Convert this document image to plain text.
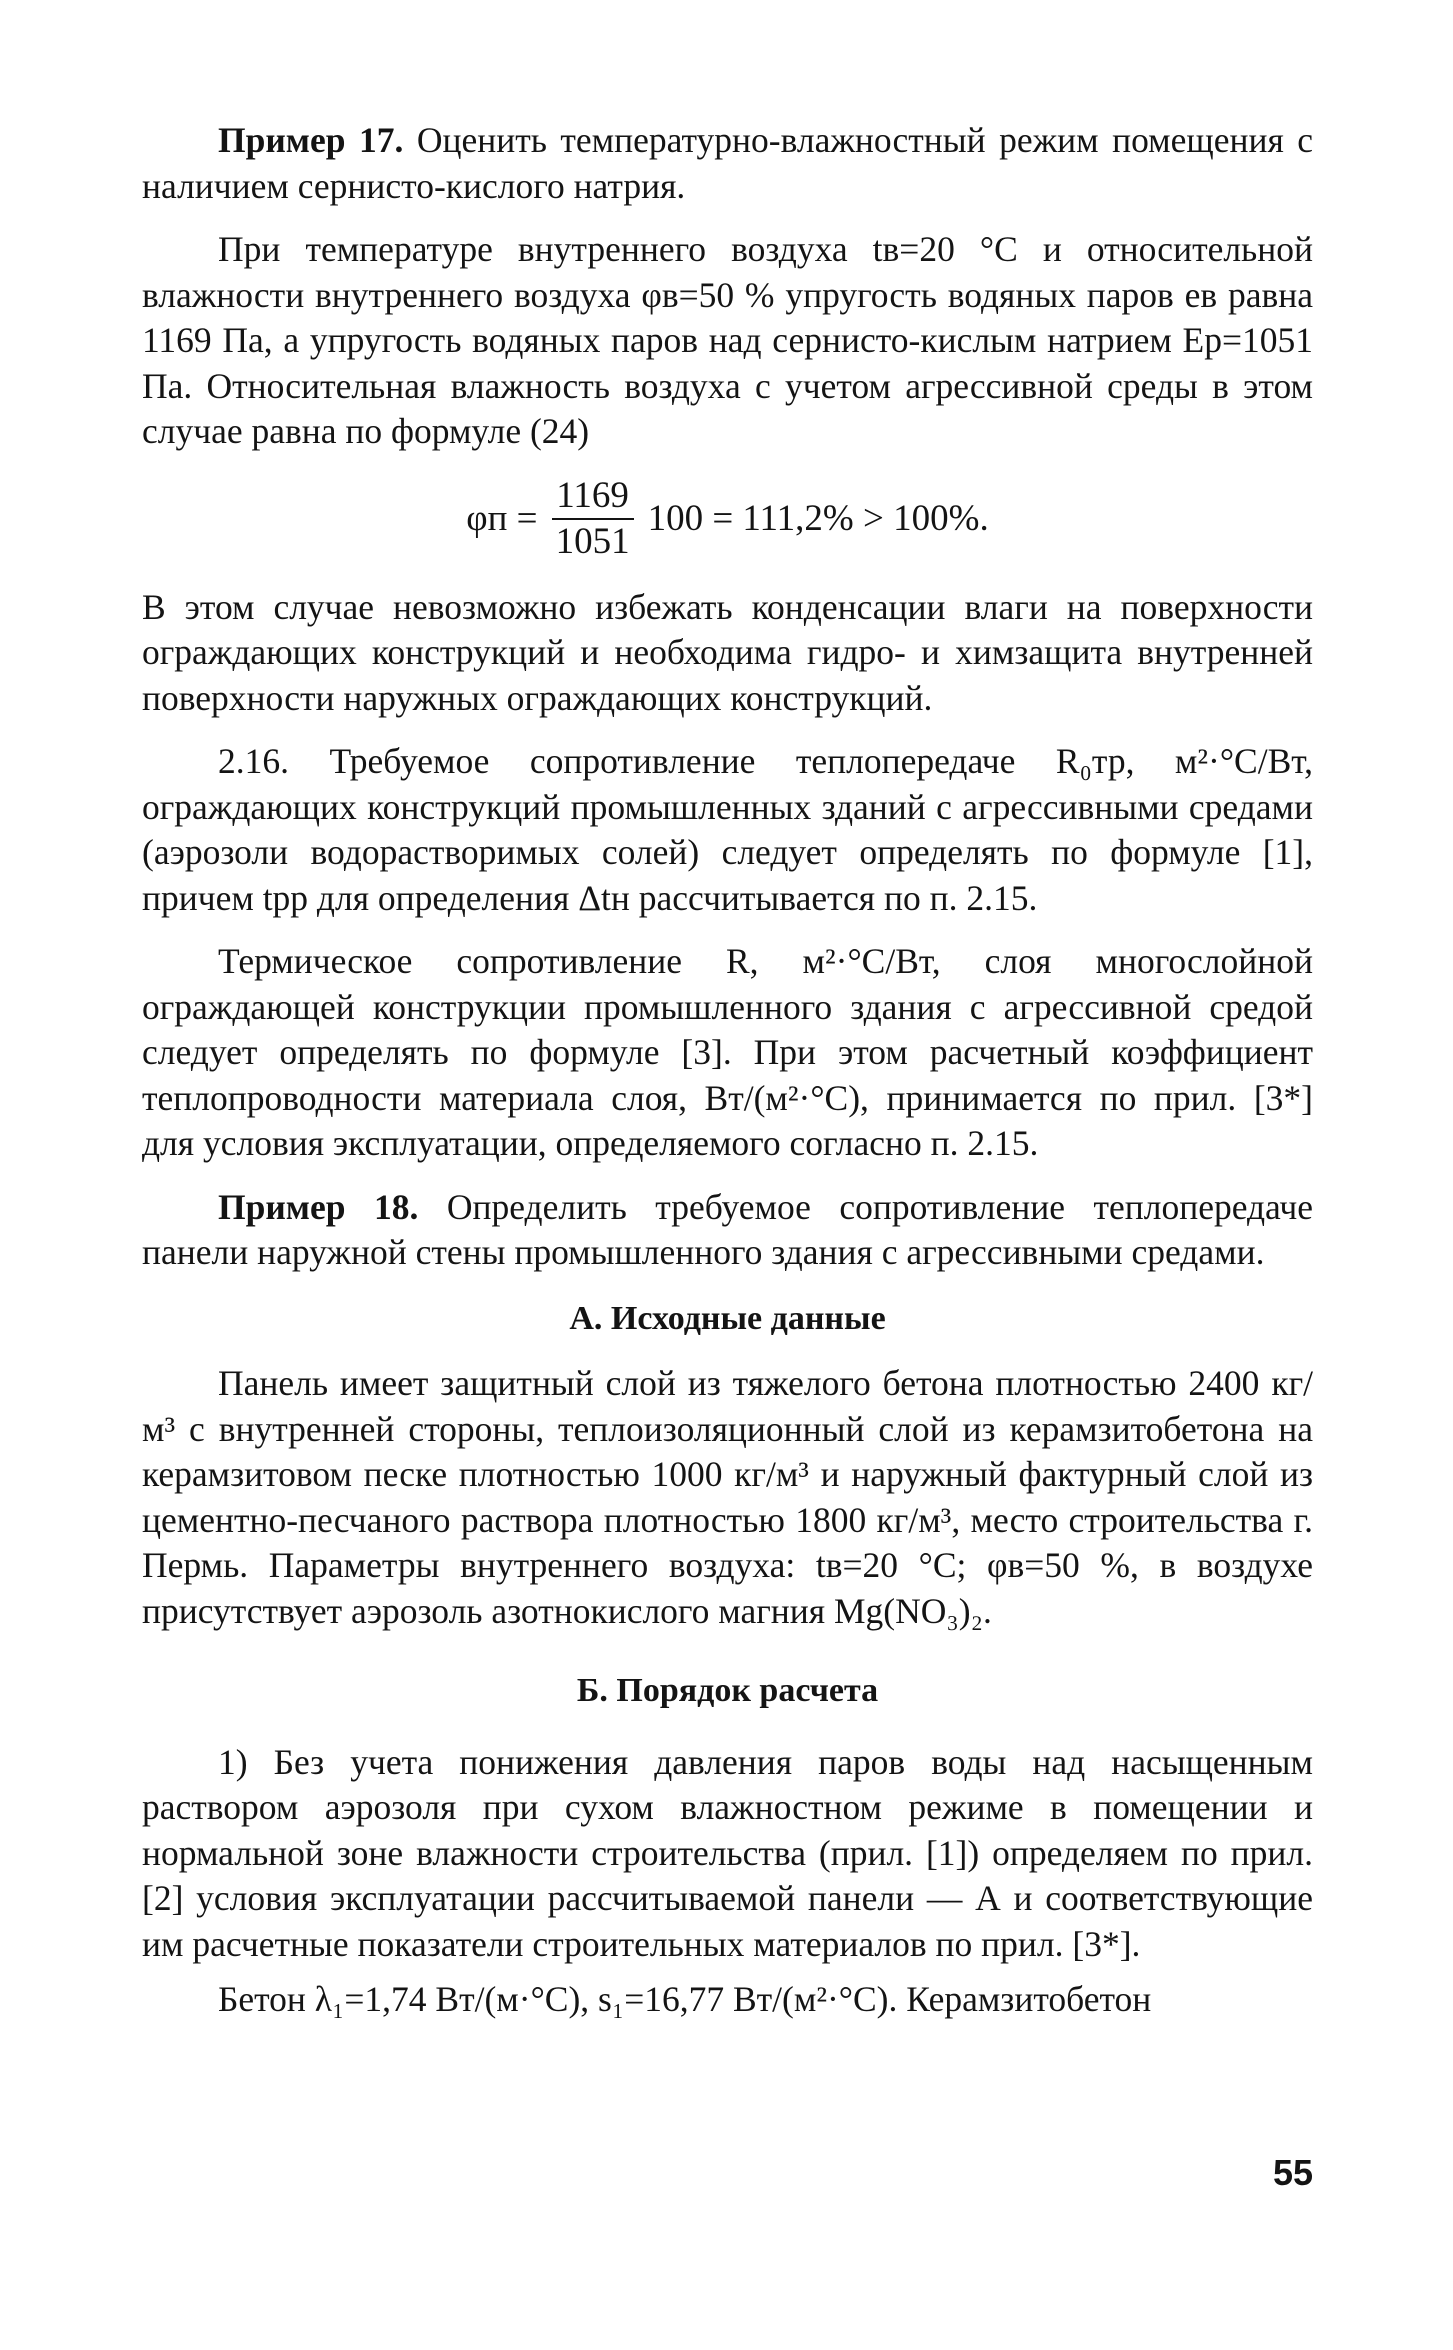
Пример 17. Оценить температурно-влажностный режим помещения с наличием сернисто-кислого натрия.

При температуре внутреннего воздуха tв=20 °С и относительной влажности внутреннего воздуха φв=50 % упругость водяных паров eв равна 1169 Па, а упругость водяных паров над сернисто-кислым натрием Eр=1051 Па. Относительная влажность воздуха с учетом агрессивной среды в этом случае равна по формуле (24)

$\varphi п = \frac{1169}{1051} 100 = 111,2\% > 100\%$.

В этом случае невозможно избежать конденсации влаги на поверхности ограждающих конструкций и необходима гидро- и химзащита внутренней поверхности наружных ограждающих конструкций.

2.16. Требуемое сопротивление теплопередаче R₀тр, м²·°С/Вт, ограждающих конструкций промышленных зданий с агрессивными средами (аэрозоли водорастворимых солей) следует определять по формуле [1], причем tрр для определения Δtн рассчитывается по п. 2.15.

Термическое сопротивление R, м²·°С/Вт, слоя многослойной ограждающей конструкции промышленного здания с агрессивной средой следует определять по формуле [3]. При этом расчетный коэффициент теплопроводности материала слоя, Вт/(м²·°С), принимается по прил. [3*] для условия эксплуатации, определяемого согласно п. 2.15.

Пример 18. Определить требуемое сопротивление теплопередаче панели наружной стены промышленного здания с агрессивными средами.

А. Исходные данные

Панель имеет защитный слой из тяжелого бетона плотностью 2400 кг/м³ с внутренней стороны, теплоизоляционный слой из керамзитобетона на керамзитовом песке плотностью 1000 кг/м³ и наружный фактурный слой из цементно-песчаного раствора плотностью 1800 кг/м³, место строительства г. Пермь. Параметры внутреннего воздуха: tв=20 °С; φв=50 %, в воздухе присутствует аэрозоль азотнокислого магния Mg(NO₃)₂.

Б. Порядок расчета

1) Без учета понижения давления паров воды над насыщенным раствором аэрозоля при сухом влажностном режиме в помещении и нормальной зоне влажности строительства (прил. [1]) определяем по прил. [2] условия эксплуатации рассчитываемой панели — А и соответствующие им расчетные показатели строительных материалов по прил. [3*].

Бетон λ₁=1,74 Вт/(м·°С), s₁=16,77 Вт/(м²·°С). Керамзитобетон

55
